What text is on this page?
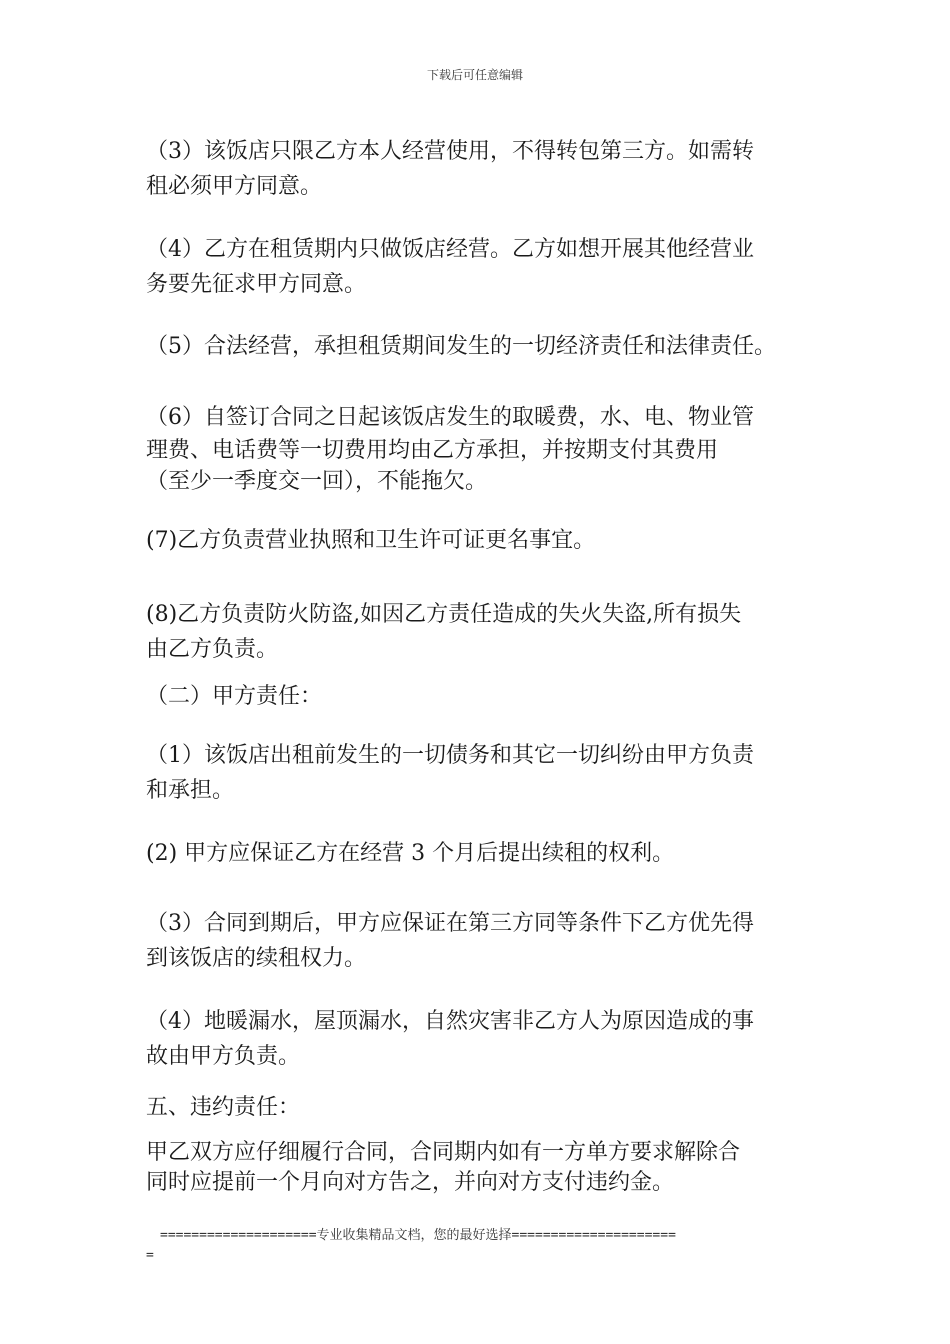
下载后可任意编辑
（3）该饭店只限乙方本人经营使用，不得转包第三方。如需转
租必须甲方同意。
（4）乙方在租赁期内只做饭店经营。乙方如想开展其他经营业
务要先征求甲方同意。
（5）合法经营，承担租赁期间发生的一切经济责任和法律责任。
（6）自签订合同之日起该饭店发生的取暖费，水、电、物业管
理费、电话费等一切费用均由乙方承担，并按期支付其费用
（至少一季度交一回），不能拖欠。
(7)乙方负责营业执照和卫生许可证更名事宜。
(8)乙方负责防火防盗,如因乙方责任造成的失火失盗,所有损失
由乙方负责。
（二）甲方责任：
（1）该饭店出租前发生的一切债务和其它一切纠纷由甲方负责
和承担。
(2) 甲方应保证乙方在经营 3 个月后提出续租的权利。
（3）合同到期后，甲方应保证在第三方同等条件下乙方优先得
到该饭店的续租权力。
（4）地暖漏水，屋顶漏水，自然灾害非乙方人为原因造成的事
故由甲方负责。
五、违约责任：
甲乙双方应仔细履行合同，合同期内如有一方单方要求解除合
同时应提前一个月向对方告之，并向对方支付违约金。
====================专业收集精品文档，您的最好选择=====================
=
